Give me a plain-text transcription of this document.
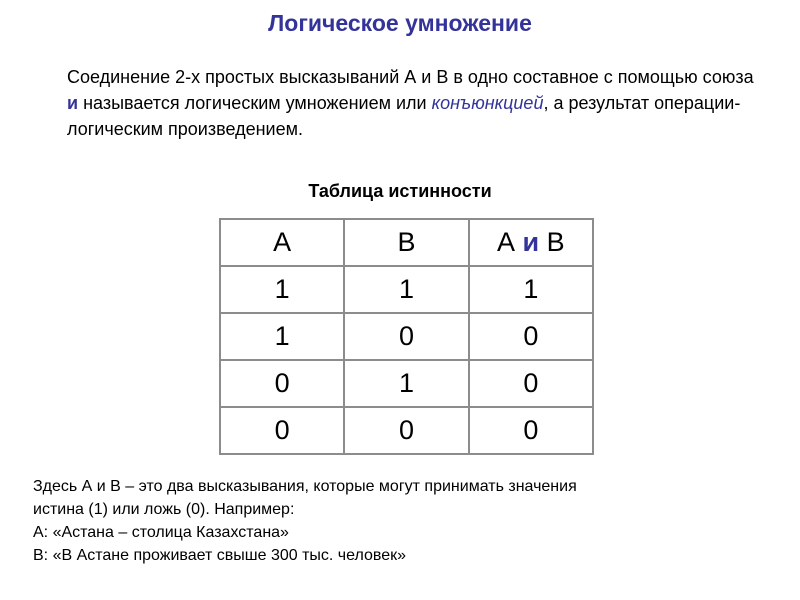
Логическое умножение

Соединение 2-х простых высказываний А и В в одно составное с помощью союза и называется логическим умножением или конъюнкцией, а результат операции- логическим произведением.

Таблица истинности

А	В	А и В
1	1	1
1	0	0
0	1	0
0	0	0

Здесь А и В – это два высказывания, которые могут принимать значения

истина (1) или ложь (0). Например:

А: «Астана – столица Казахстана»

В: «В Астане проживает свыше 300 тыс. человек»
